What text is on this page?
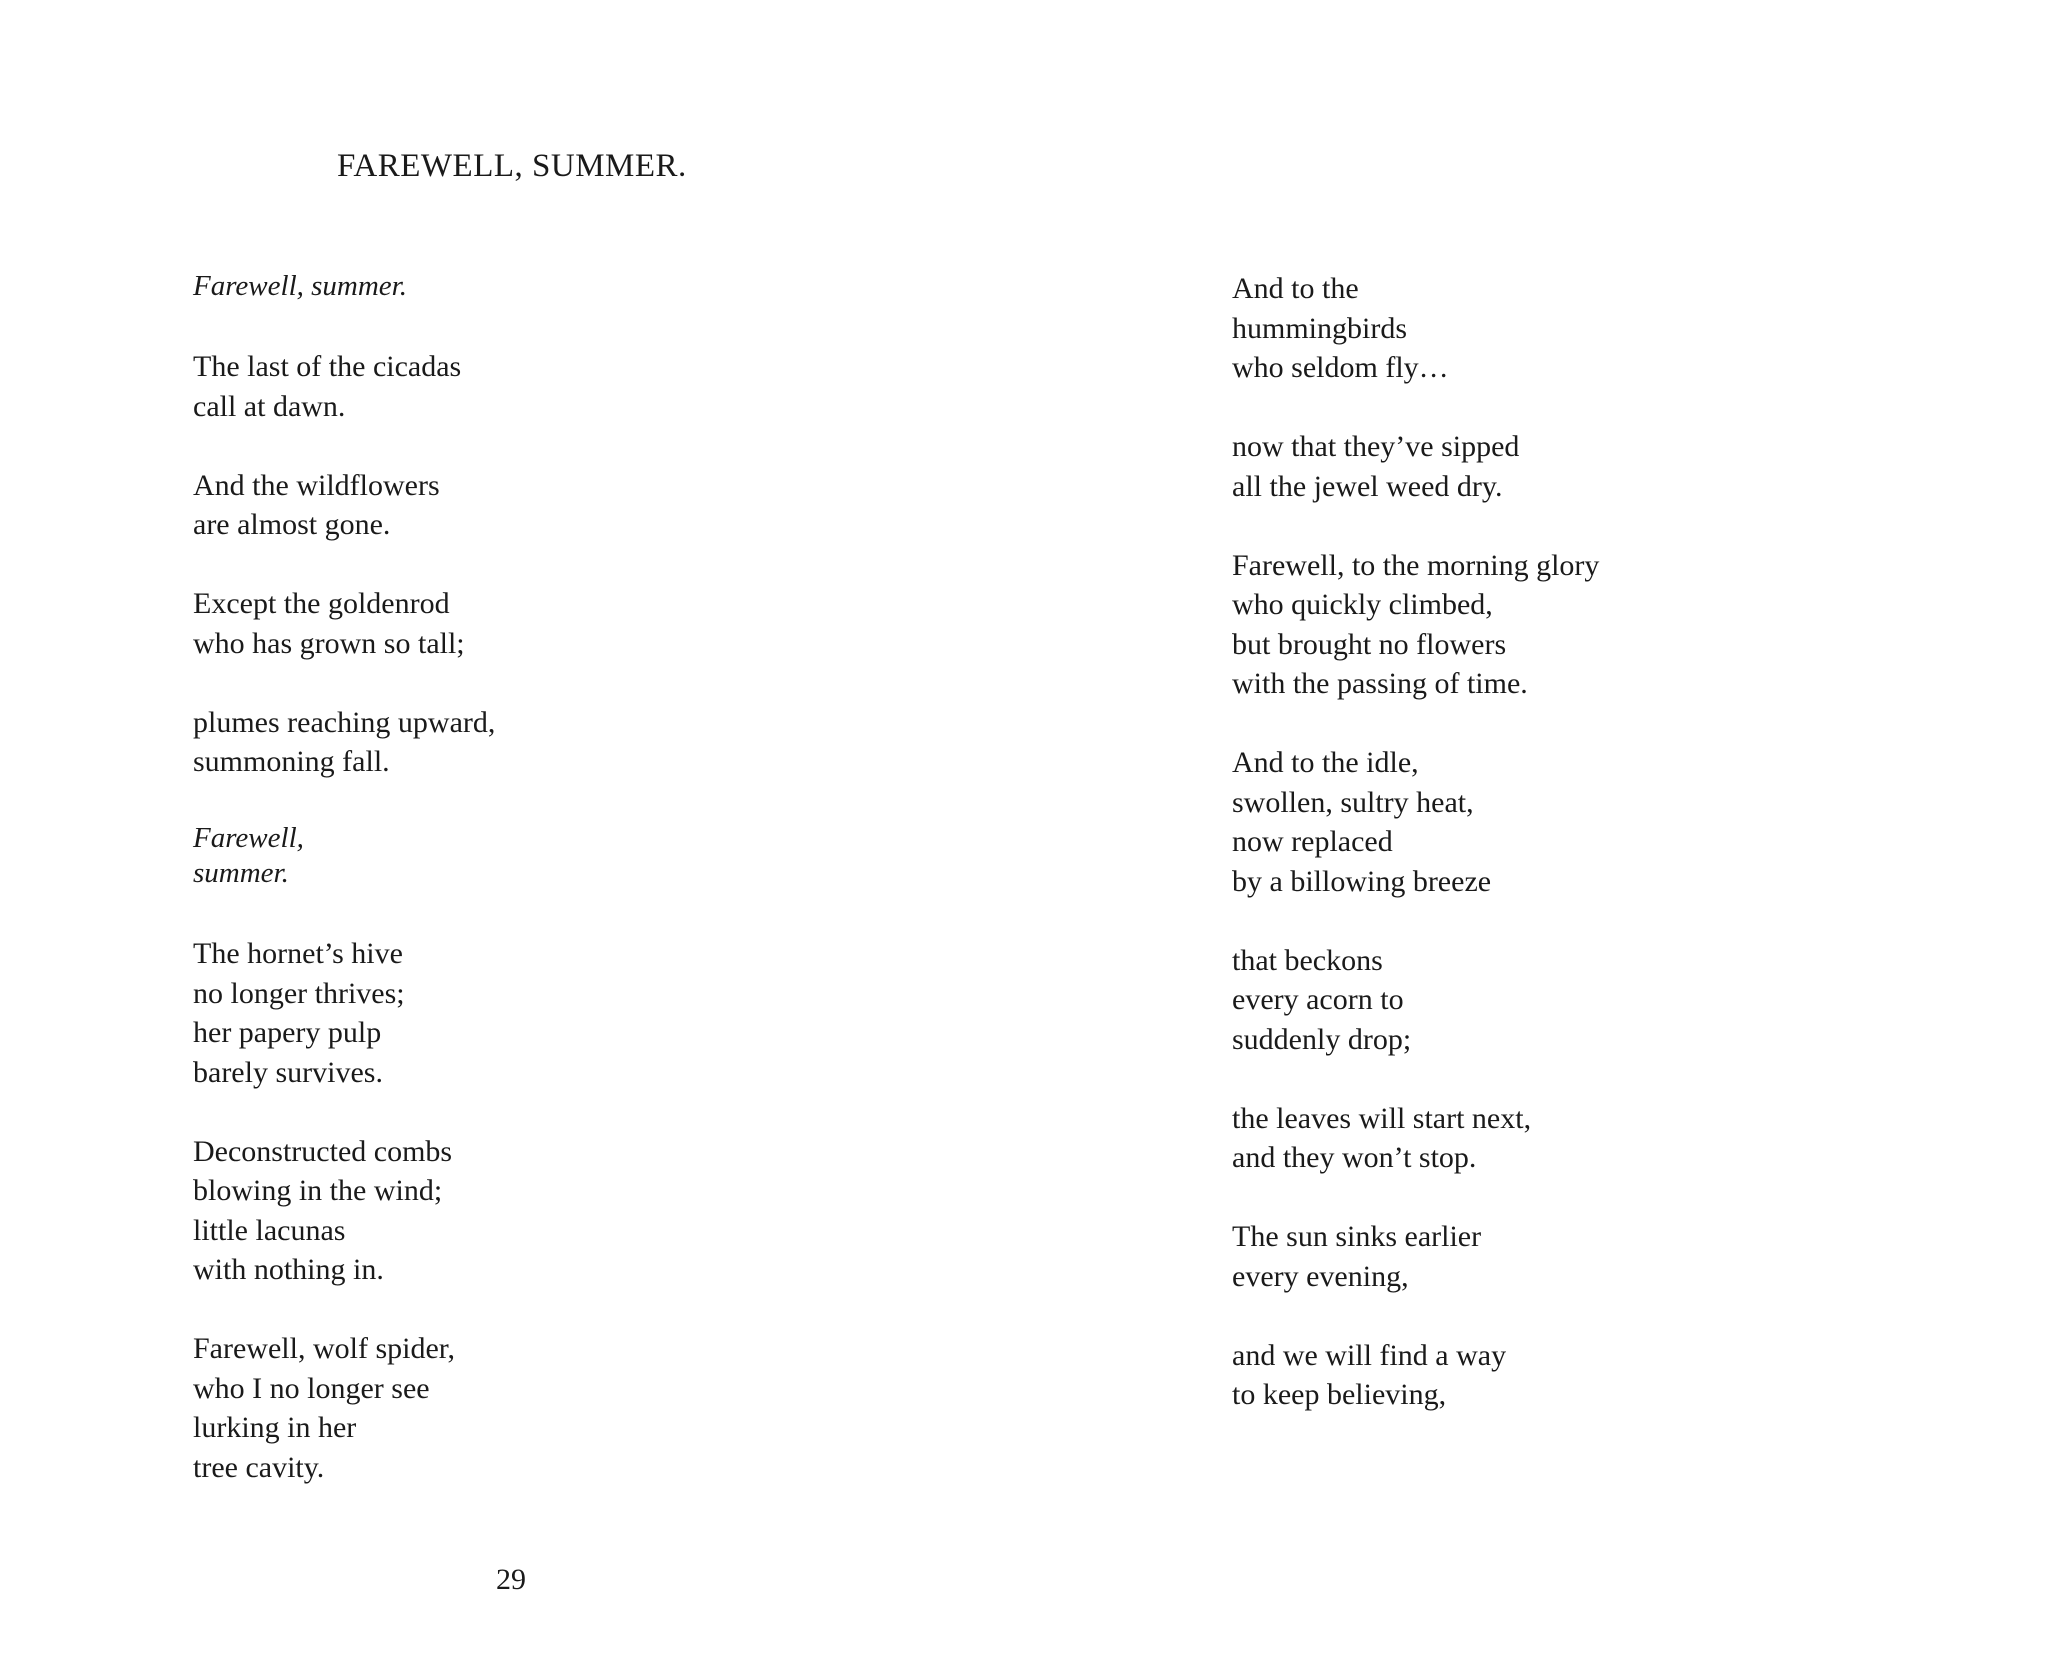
FAREWELL, SUMMER.
Farewell, summer.
The last of the cicadas
call at dawn.
And the wildflowers
are almost gone.
Except the goldenrod
who has grown so tall;
plumes reaching upward,
summoning fall.
Farewell,
summer.
The hornet’s hive
no longer thrives;
her papery pulp
barely survives.
Deconstructed combs
blowing in the wind;
little lacunas
with nothing in.
Farewell, wolf spider,
who I no longer see
lurking in her
tree cavity.
And to the
hummingbirds
who seldom fly…
now that they’ve sipped
all the jewel weed dry.
Farewell, to the morning glory
who quickly climbed,
but brought no flowers
with the passing of time.
And to the idle,
swollen, sultry heat,
now replaced
by a billowing breeze
that beckons
every acorn to
suddenly drop;
the leaves will start next,
and they won’t stop.
The sun sinks earlier
every evening,
and we will find a way
to keep believing,
29
